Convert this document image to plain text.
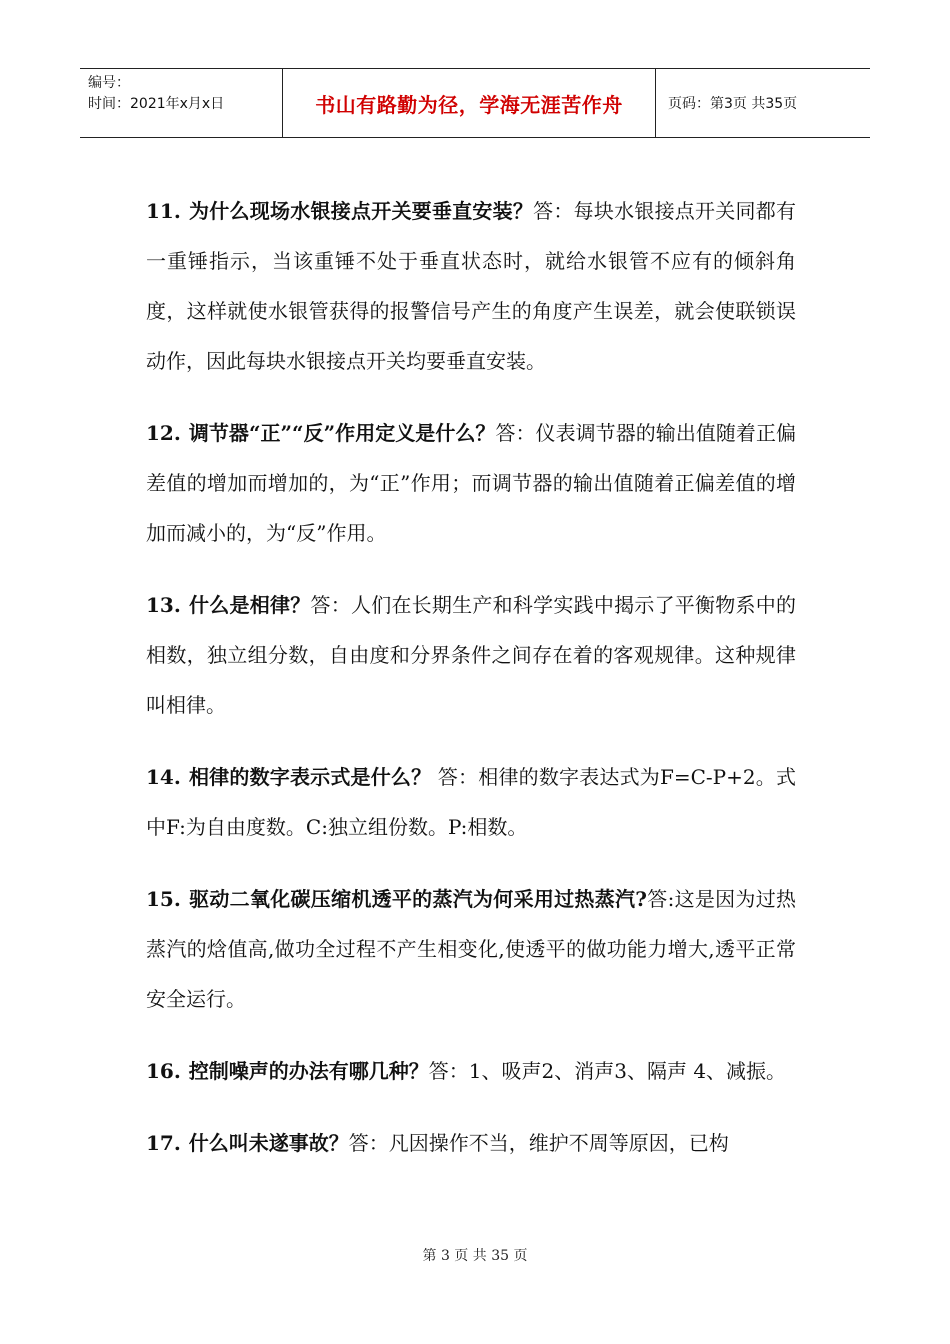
编号：
时间：2021年x月x日	书山有路勤为径，学海无涯苦作舟	页码：第3页 共35页

11. 为什么现场水银接点开关要垂直安装？答：每块水银接点开关同都有一重锤指示，当该重锤不处于垂直状态时，就给水银管不应有的倾斜角度，这样就使水银管获得的报警信号产生的角度产生误差，就会使联锁误动作，因此每块水银接点开关均要垂直安装。

12. 调节器“正”“反”作用定义是什么？答：仪表调节器的输出值随着正偏差值的增加而增加的，为“正”作用；而调节器的输出值随着正偏差值的增加而减小的，为“反”作用。

13. 什么是相律？答：人们在长期生产和科学实践中揭示了平衡物系中的相数，独立组分数，自由度和分界条件之间存在着的客观规律。这种规律叫相律。

14. 相律的数字表示式是什么？ 答：相律的数字表达式为F=C-P+2。式中F:为自由度数。C:独立组份数。P:相数。

15. 驱动二氧化碳压缩机透平的蒸汽为何采用过热蒸汽?答:这是因为过热蒸汽的焓值高,做功全过程不产生相变化,使透平的做功能力增大,透平正常安全运行。

16. 控制噪声的办法有哪几种？答：1、吸声2、消声3、隔声 4、减振。

17. 什么叫未遂事故？答：凡因操作不当，维护不周等原因，已构

第 3 页 共 35 页
